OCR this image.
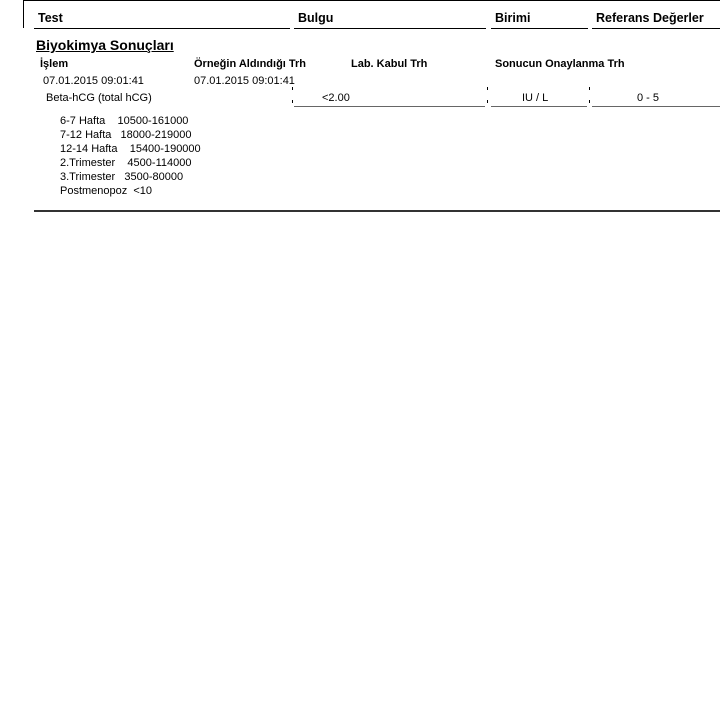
Test	Bulgu	Birimi	Referans Değerler
Biyokimya Sonuçları
İşlem	Örneğin Aldındığı Trh	Lab. Kabul Trh	Sonucun Onaylanma Trh
07.01.2015 09:01:41	07.01.2015 09:01:41
Beta-hCG (total hCG)	<2.00	IU / L	0 - 5
6-7 Hafta    10500-161000
7-12 Hafta   18000-219000
12-14 Hafta    15400-190000
2.Trimester    4500-114000
3.Trimester   3500-80000
Postmenopoz  <10
